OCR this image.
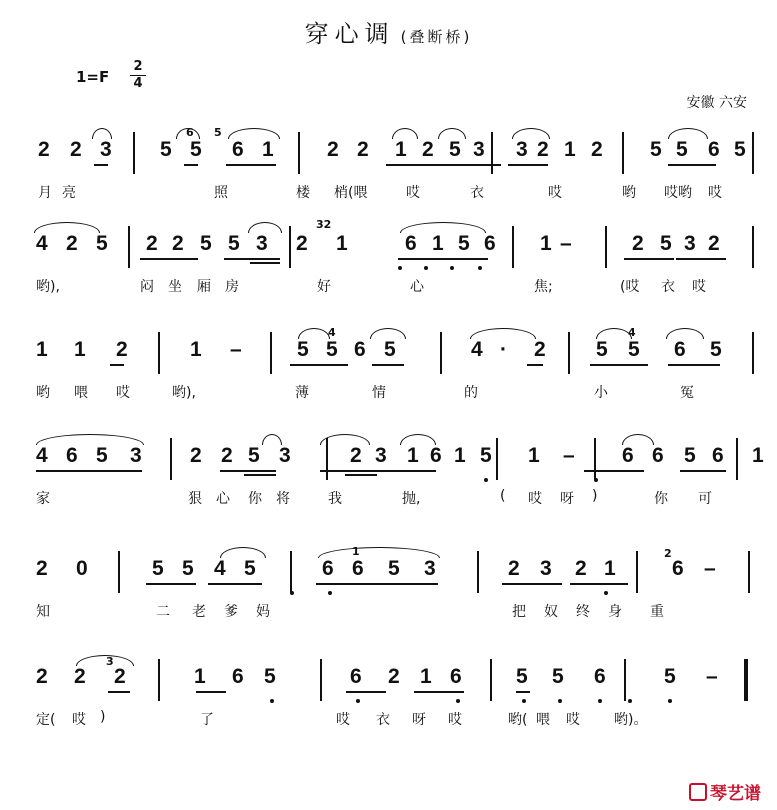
穿心调 (叠断桥)
1=F
2
4
安徽 六安
2 2 3 5 5 6 1	2 2 1 2 5 3 3 2 1 2 5 5 6 5
月 亮	照	楼 梢(喂	哎	衣	哎	哟 哎哟 哎
4 2 5 2 2 5 5 3 2 1	6 1 5 6 1 –	2 5 3 2
哟),	闷 坐 厢 房	好	心	焦;	(哎 衣 哎
1 1 2	1 –	5 5 6 5	4 · 2 5 5 6 5
哟 喂 哎	哟),	薄	情	的	小	冤
4 6 5 3 2 2 5 3	2 3 1 6 1 5 1 – 6 6 5 6 1
家	狠 心 你 将	我	抛,	( 哎 呀 )	你 可
2 0	5 5 4 5	6 6 5 3	2 3 2 1	6 –
知	二 老 爹 妈	把 奴 终 身 重
2 2 2	1 6 5	6 2 1 6	5 5 6	5 –
定( 哎 )	了	哎 衣 呀 哎	哟( 喂 哎 哟)。
6 5
32
4	4
1	2
3
琴艺谱
